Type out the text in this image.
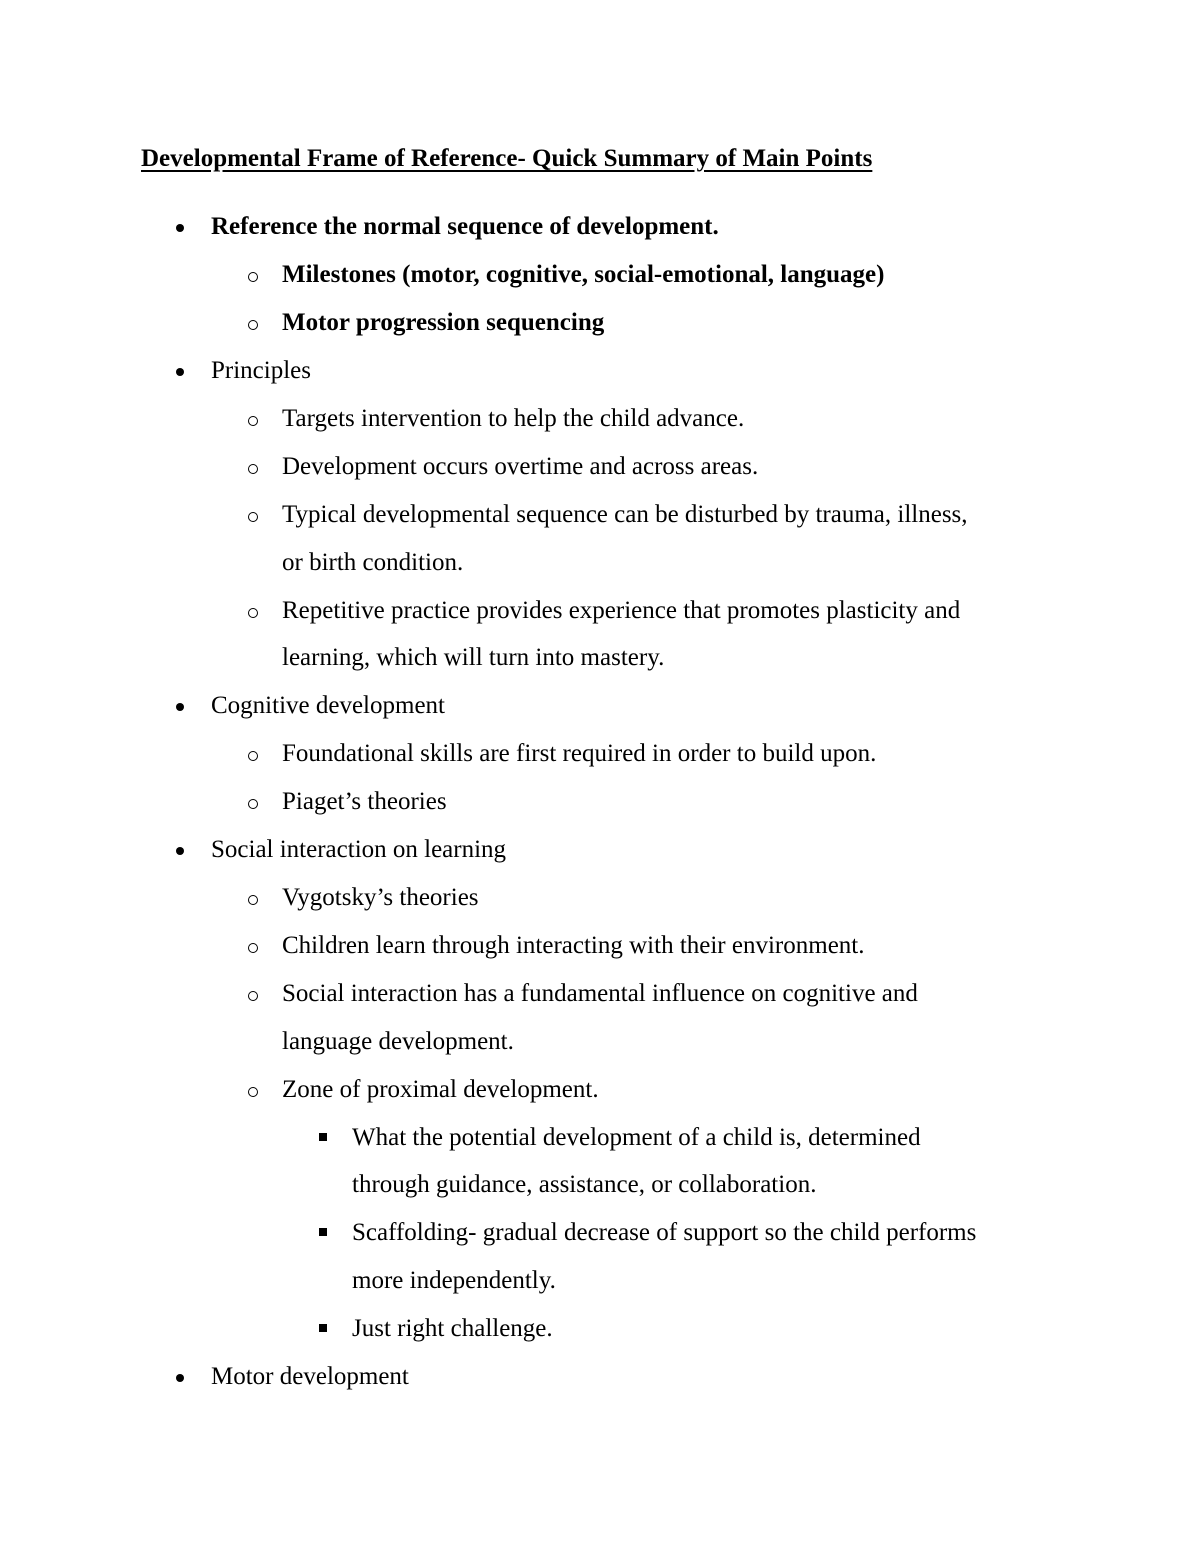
Developmental Frame of Reference- Quick Summary of Main Points
Reference the normal sequence of development.
Milestones (motor, cognitive, social-emotional, language)
Motor progression sequencing
Principles
Targets intervention to help the child advance.
Development occurs overtime and across areas.
Typical developmental sequence can be disturbed by trauma, illness,
or birth condition.
Repetitive practice provides experience that promotes plasticity and
learning, which will turn into mastery.
Cognitive development
Foundational skills are first required in order to build upon.
Piaget’s theories
Social interaction on learning
Vygotsky’s theories
Children learn through interacting with their environment.
Social interaction has a fundamental influence on cognitive and
language development.
Zone of proximal development.
What the potential development of a child is, determined
through guidance, assistance, or collaboration.
Scaffolding- gradual decrease of support so the child performs
more independently.
Just right challenge.
Motor development
